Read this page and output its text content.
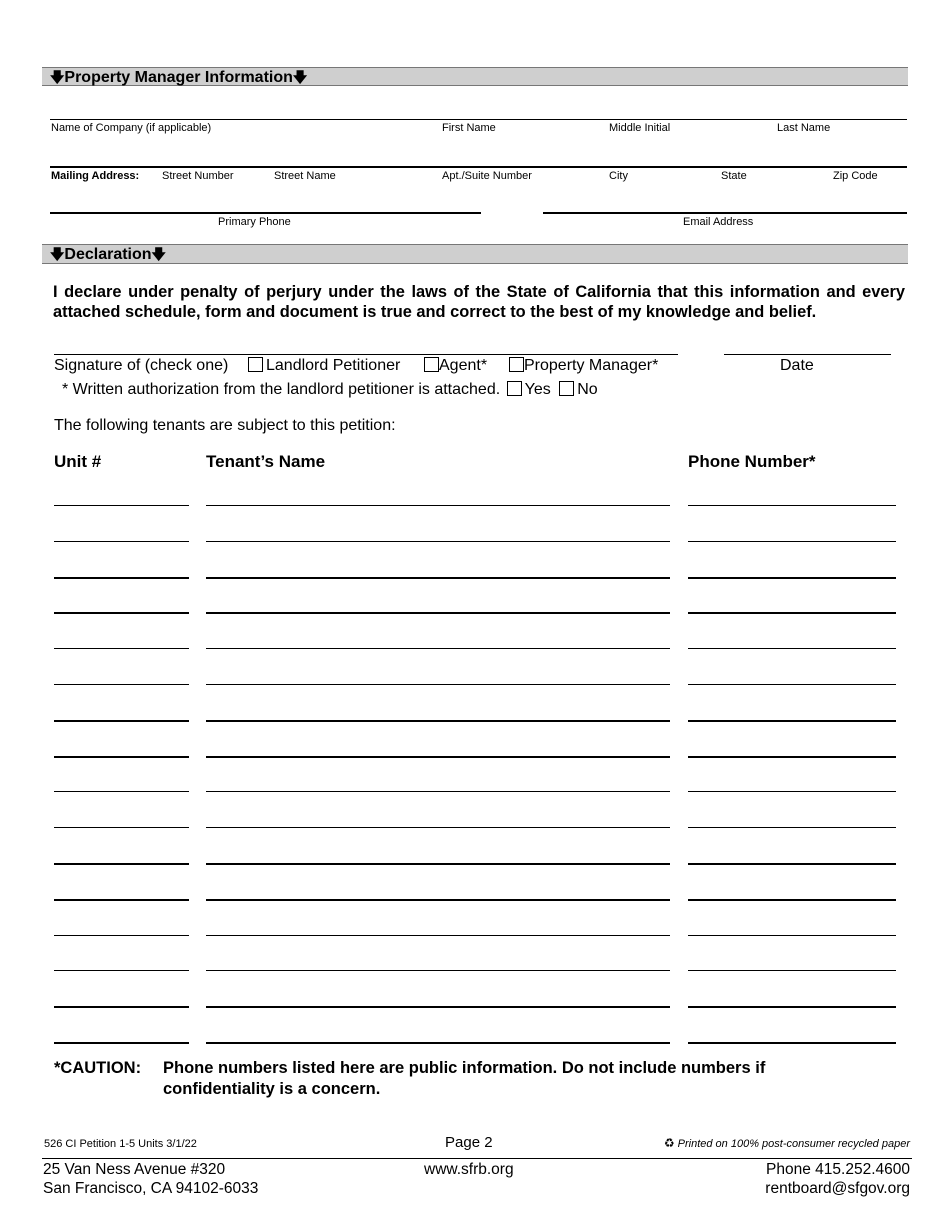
🡇Property Manager Information🡇
Name of Company (if applicable)	First Name	Middle Initial	Last Name
Mailing Address: Street Number	Street Name	Apt./Suite Number	City	State	Zip Code
Primary Phone	Email Address
🡇Declaration🡇
I declare under penalty of perjury under the laws of the State of California that this information and every attached schedule, form and document is true and correct to the best of my knowledge and belief.
Signature of (check one)	Landlord Petitioner	Agent*	Property Manager*	Date
* Written authorization from the landlord petitioner is attached. Yes No
The following tenants are subject to this petition:
Unit #	Tenant’s Name	Phone Number*
*CAUTION: Phone numbers listed here are public information. Do not include numbers if confidentiality is a concern.
526 CI Petition 1-5 Units 3/1/22	Page 2	♻ Printed on 100% post-consumer recycled paper
25 Van Ness Avenue #320
San Francisco, CA 94102-6033
www.sfrb.org	Phone 415.252.4600
rentboard@sfgov.org
